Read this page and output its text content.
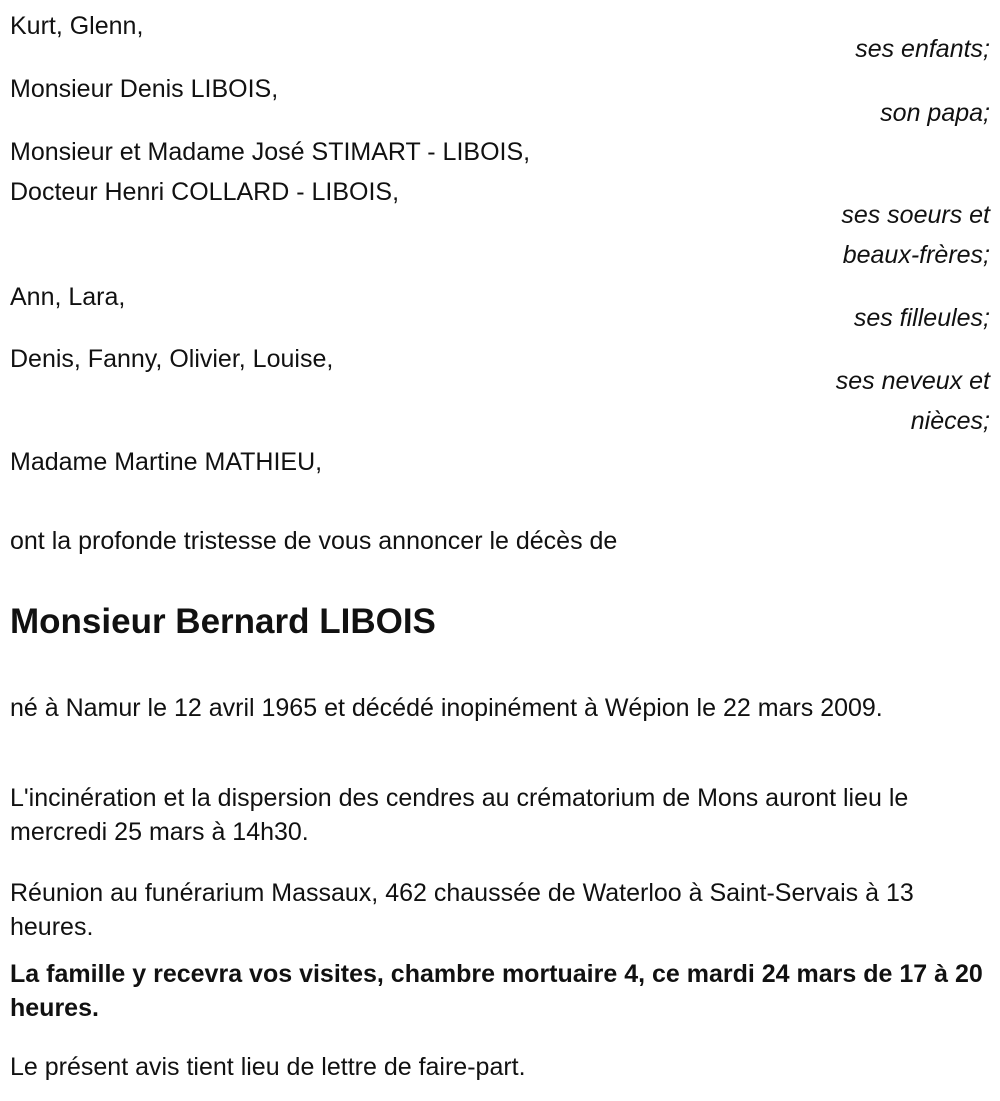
Kurt, Glenn,
ses enfants;
Monsieur Denis LIBOIS,
son papa;
Monsieur et Madame José STIMART - LIBOIS,
Docteur Henri COLLARD - LIBOIS,
ses soeurs et
beaux-frères;
Ann, Lara,
ses filleules;
Denis, Fanny, Olivier, Louise,
ses neveux et
nièces;
Madame Martine MATHIEU,
ont la profonde tristesse de vous annoncer le décès de
Monsieur Bernard LIBOIS
né à Namur le 12 avril 1965 et décédé inopinément à Wépion le 22 mars 2009.
L'incinération et la dispersion des cendres au crématorium de Mons auront lieu le mercredi 25 mars à 14h30.
Réunion au funérarium Massaux, 462 chaussée de Waterloo à Saint-Servais à 13 heures.
La famille y recevra vos visites, chambre mortuaire 4, ce mardi 24 mars de 17 à 20 heures.
Le présent avis tient lieu de lettre de faire-part.
